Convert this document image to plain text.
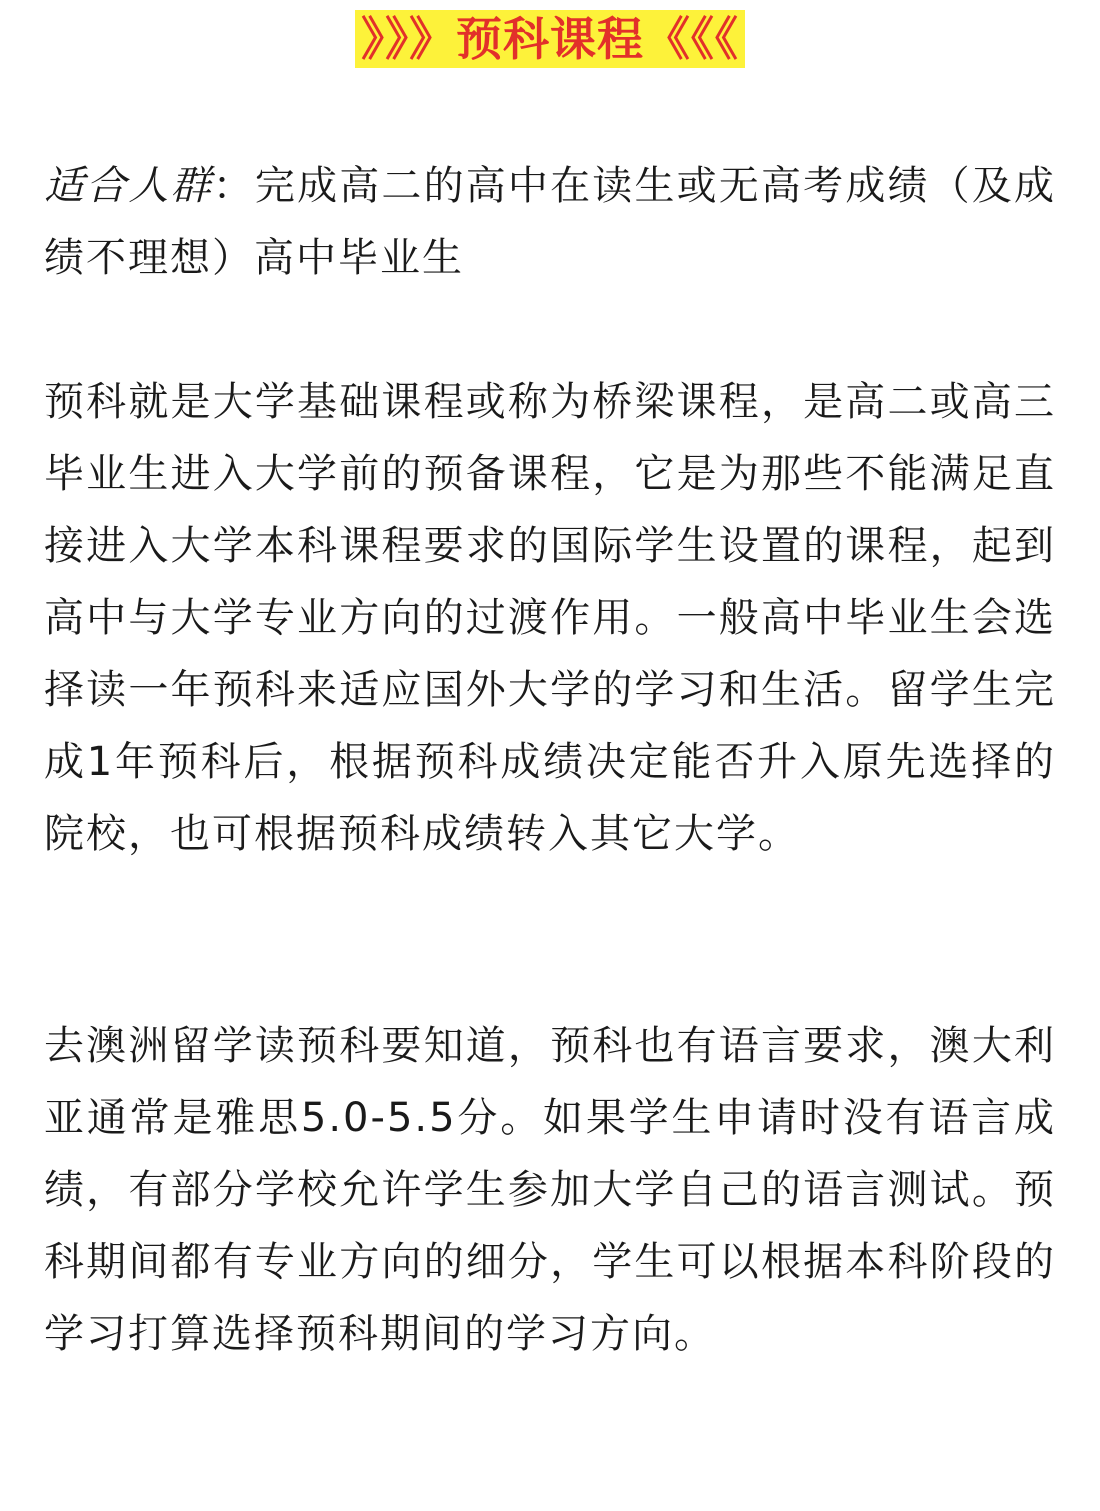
》》》预科课程《《《

适合人群：完成高二的高中在读生或无高考成绩（及成绩不理想）高中毕业生

预科就是大学基础课程或称为桥梁课程，是高二或高三毕业生进入大学前的预备课程，它是为那些不能满足直接进入大学本科课程要求的国际学生设置的课程，起到高中与大学专业方向的过渡作用。一般高中毕业生会选择读一年预科来适应国外大学的学习和生活。留学生完成1年预科后，根据预科成绩决定能否升入原先选择的院校，也可根据预科成绩转入其它大学。

去澳洲留学读预科要知道，预科也有语言要求，澳大利亚通常是雅思5.0-5.5分。如果学生申请时没有语言成绩，有部分学校允许学生参加大学自己的语言测试。预科期间都有专业方向的细分，学生可以根据本科阶段的学习打算选择预科期间的学习方向。
